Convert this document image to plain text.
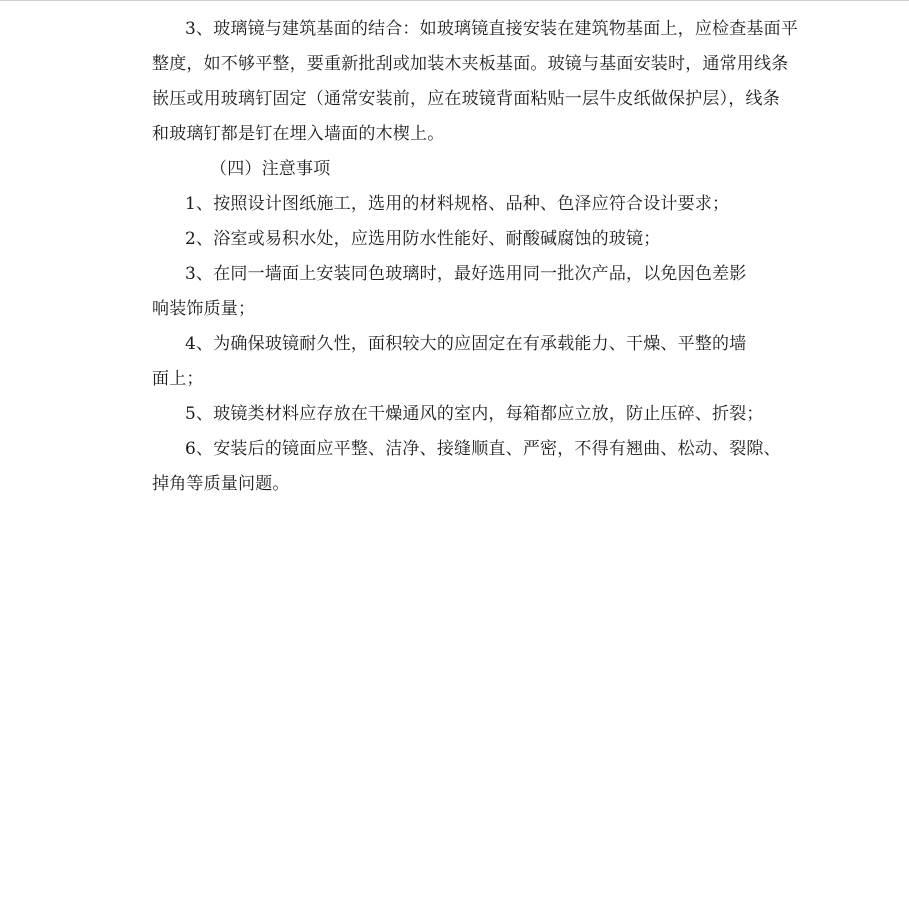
3、玻璃镜与建筑基面的结合：如玻璃镜直接安装在建筑物基面上，应检查基面平
整度，如不够平整，要重新批刮或加装木夹板基面。玻镜与基面安装时，通常用线条
嵌压或用玻璃钉固定（通常安装前，应在玻镜背面粘贴一层牛皮纸做保护层），线条
和玻璃钉都是钉在埋入墙面的木楔上。
（四）注意事项
1、按照设计图纸施工，选用的材料规格、品种、色泽应符合设计要求；
2、浴室或易积水处，应选用防水性能好、耐酸碱腐蚀的玻镜；
3、在同一墙面上安装同色玻璃时，最好选用同一批次产品，以免因色差影
响装饰质量；
4、为确保玻镜耐久性，面积较大的应固定在有承载能力、干燥、平整的墙
面上；
5、玻镜类材料应存放在干燥通风的室内，每箱都应立放，防止压碎、折裂；
6、安装后的镜面应平整、洁净、接缝顺直、严密，不得有翘曲、松动、裂隙、
掉角等质量问题。
